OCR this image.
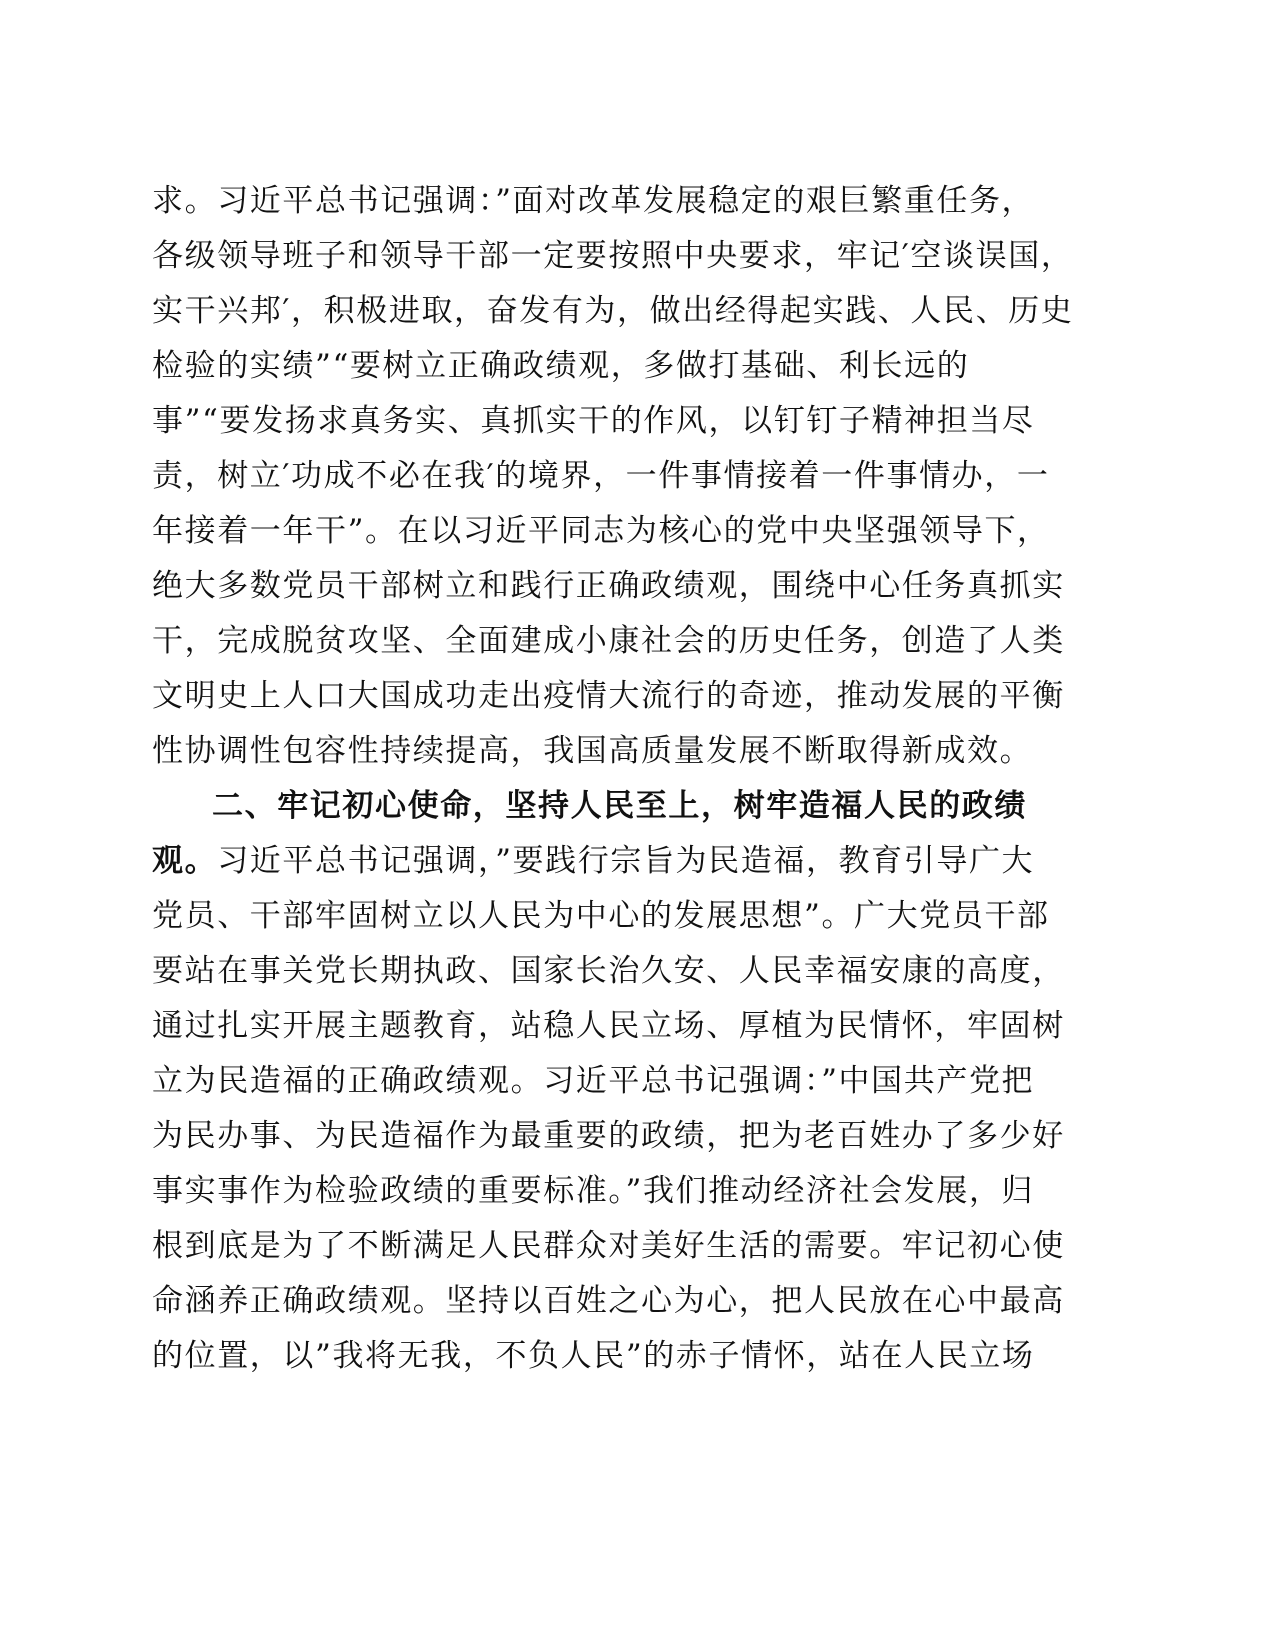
求。习近平总书记强调：”面对改革发展稳定的艰巨繁重任务，
各级领导班子和领导干部一定要按照中央要求，牢记′空谈误国，
实干兴邦′，积极进取，奋发有为，做出经得起实践、人民、历史
检验的实绩”“要树立正确政绩观，多做打基础、利长远的
事”“要发扬求真务实、真抓实干的作风，以钉钉子精神担当尽
责，树立′功成不必在我′的境界，一件事情接着一件事情办，一
年接着一年干”。在以习近平同志为核心的党中央坚强领导下，
绝大多数党员干部树立和践行正确政绩观，围绕中心任务真抓实
干，完成脱贫攻坚、全面建成小康社会的历史任务，创造了人类
文明史上人口大国成功走出疫情大流行的奇迹，推动发展的平衡
性协调性包容性持续提高，我国高质量发展不断取得新成效。
二、牢记初心使命，坚持人民至上，树牢造福人民的政绩
观。习近平总书记强调，”要践行宗旨为民造福，教育引导广大
党员、干部牢固树立以人民为中心的发展思想”。广大党员干部
要站在事关党长期执政、国家长治久安、人民幸福安康的高度，
通过扎实开展主题教育，站稳人民立场、厚植为民情怀，牢固树
立为民造福的正确政绩观。习近平总书记强调：”中国共产党把
为民办事、为民造福作为最重要的政绩，把为老百姓办了多少好
事实事作为检验政绩的重要标准。”我们推动经济社会发展，归
根到底是为了不断满足人民群众对美好生活的需要。牢记初心使
命涵养正确政绩观。坚持以百姓之心为心，把人民放在心中最高
的位置，以”我将无我，不负人民”的赤子情怀，站在人民立场
